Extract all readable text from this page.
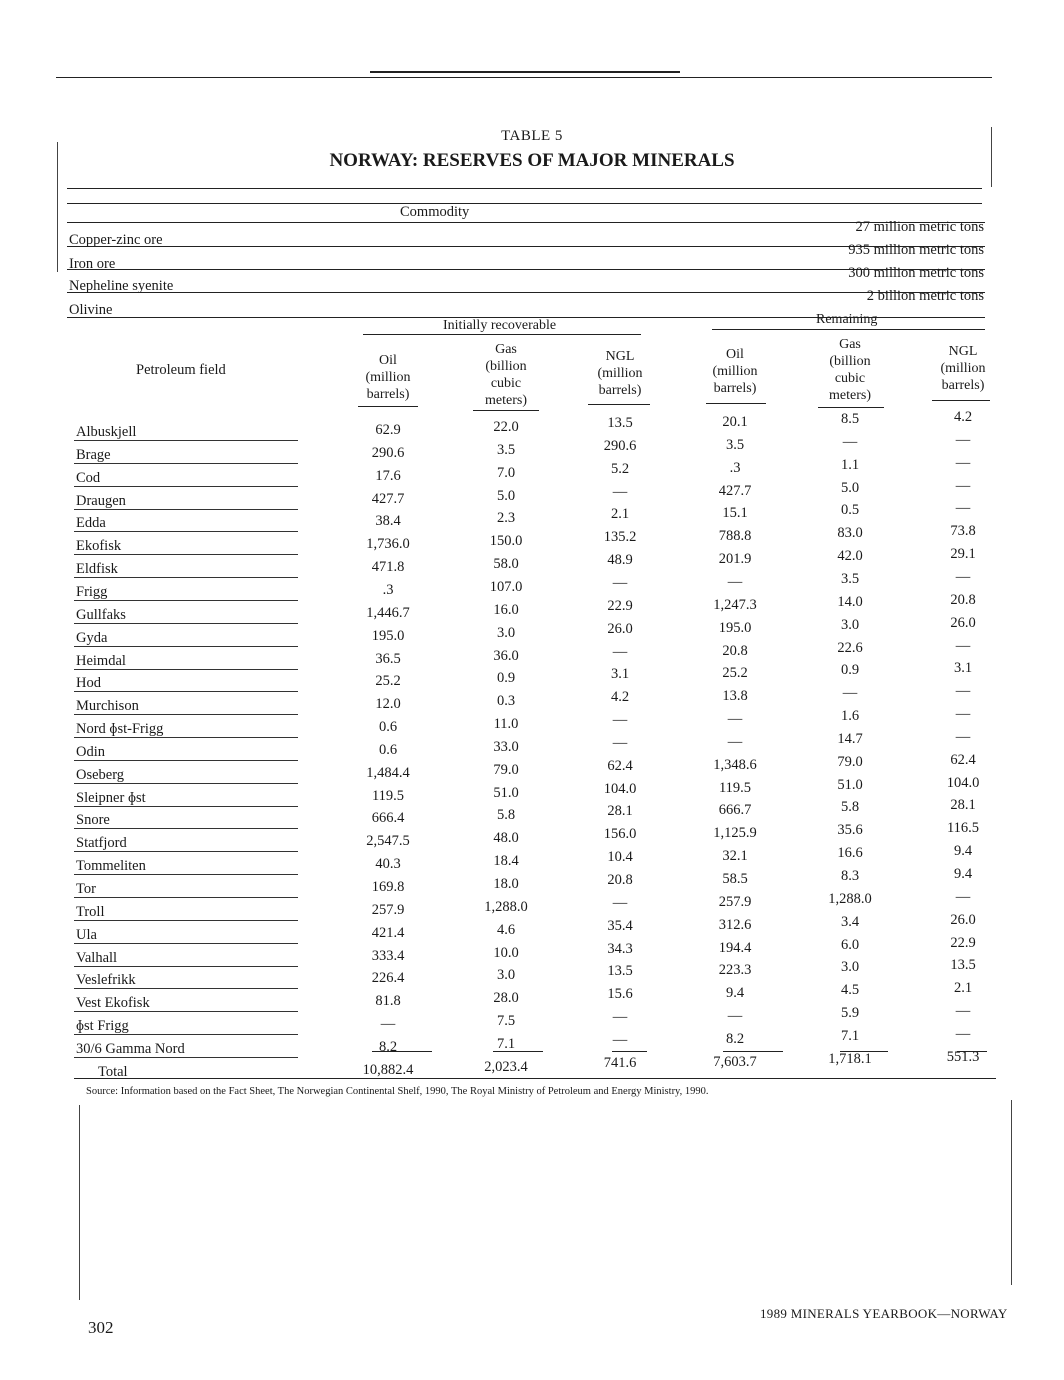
TABLE 5
NORWAY: RESERVES OF MAJOR MINERALS
Commodity
Copper-zinc ore
27 million metric tons
Iron ore
935 million metric tons
Nepheline syenite
300 million metric tons
Olivine
2 billion metric tons
Initially recoverable	Remaining
Petroleum field
Oil
(million
barrels)
Gas
(billion
cubic
meters)
NGL
(million
barrels)
Oil
(million
barrels)
Gas
(billion
cubic
meters)
NGL
(million
barrels)
Albuskjell	62.9	22.0	13.5	20.1	8.5	4.2
Brage	290.6	3.5	290.6	3.5	—	—
Cod	17.6	7.0	5.2	.3	1.1	—
Draugen	427.7	5.0	—	427.7	5.0	—
Edda	38.4	2.3	2.1	15.1	0.5	—
Ekofisk	1,736.0	150.0	135.2	788.8	83.0	73.8
Eldfisk	471.8	58.0	48.9	201.9	42.0	29.1
Frigg	.3	107.0	—	—	3.5	—
Gullfaks	1,446.7	16.0	22.9	1,247.3	14.0	20.8
Gyda	195.0	3.0	26.0	195.0	3.0	26.0
Heimdal	36.5	36.0	—	20.8	22.6	—
Hod	25.2	0.9	3.1	25.2	0.9	3.1
Murchison	12.0	0.3	4.2	13.8	—	—
Nord ɸst-Frigg	0.6	11.0	—	—	1.6	—
Odin	0.6	33.0	—	—	14.7	—
Oseberg	1,484.4	79.0	62.4	1,348.6	79.0	62.4
Sleipner ɸst	119.5	51.0	104.0	119.5	51.0	104.0
Snore	666.4	5.8	28.1	666.7	5.8	28.1
Statfjord	2,547.5	48.0	156.0	1,125.9	35.6	116.5
Tommeliten	40.3	18.4	10.4	32.1	16.6	9.4
Tor	169.8	18.0	20.8	58.5	8.3	9.4
Troll	257.9	1,288.0	—	257.9	1,288.0	—
Ula	421.4	4.6	35.4	312.6	3.4	26.0
Valhall	333.4	10.0	34.3	194.4	6.0	22.9
Veslefrikk	226.4	3.0	13.5	223.3	3.0	13.5
Vest Ekofisk	81.8	28.0	15.6	9.4	4.5	2.1
ɸst Frigg	—	7.5	—	—	5.9	—
30/6 Gamma Nord	8.2	7.1	—	8.2	7.1	—
Total	10,882.4	2,023.4	741.6	7,603.7	1,718.1	551.3
Source: Information based on the Fact Sheet, The Norwegian Continental Shelf, 1990, The Royal Ministry of Petroleum and Energy Ministry, 1990.
302
1989 MINERALS YEARBOOK—NORWAY
